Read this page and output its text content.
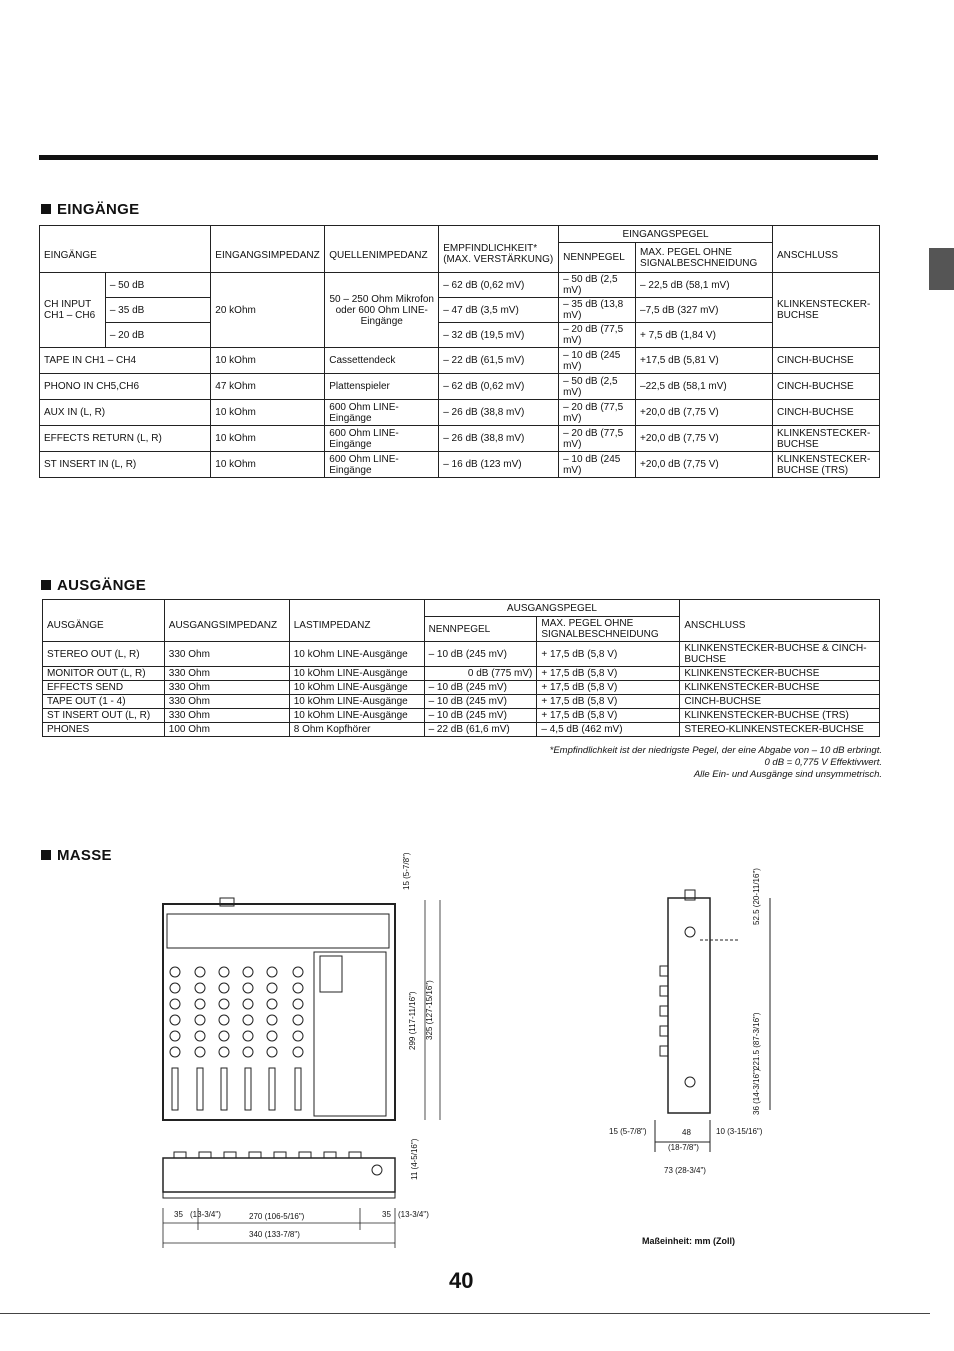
EINGÄNGE
EINGÄNGE		EINGANGSIMPEDANZ	QUELLENIMPEDANZ	EMPFINDLICHKEIT* (MAX. VERSTÄRKUNG)	EINGANGSPEGEL		ANSCHLUSS
					NENNPEGEL	MAX. PEGEL OHNE SIGNALBESCHNEIDUNG	
CH INPUT CH1 – CH6	– 50 dB	20 kOhm	50 – 250 Ohm Mikrofon oder 600 Ohm LINE-Eingänge	– 62 dB (0,62 mV)	– 50 dB (2,5 mV)	– 22,5 dB (58,1 mV)	KLINKENSTECKER-BUCHSE
	– 35 dB			– 47 dB (3,5 mV)	– 35 dB (13,8 mV)	–7,5 dB (327 mV)	
	– 20 dB			– 32 dB (19,5 mV)	– 20 dB (77,5 mV)	+ 7,5 dB (1,84 V)	
TAPE IN CH1 – CH4		10 kOhm	Cassettendeck	– 22 dB (61,5 mV)	– 10 dB (245 mV)	+17,5 dB (5,81 V)	CINCH-BUCHSE
PHONO IN CH5,CH6		47 kOhm	Plattenspieler	– 62 dB (0,62 mV)	– 50 dB (2,5 mV)	–22,5 dB (58,1 mV)	CINCH-BUCHSE
AUX IN (L, R)		10 kOhm	600 Ohm LINE-Eingänge	– 26 dB (38,8 mV)	– 20 dB (77,5 mV)	+20,0 dB (7,75 V)	CINCH-BUCHSE
EFFECTS RETURN (L, R)		10 kOhm	600 Ohm LINE-Eingänge	– 26 dB (38,8 mV)	– 20 dB (77,5 mV)	+20,0 dB (7,75 V)	KLINKENSTECKER-BUCHSE
ST INSERT IN (L, R)		10 kOhm	600 Ohm LINE-Eingänge	– 16 dB (123 mV)	– 10 dB (245 mV)	+20,0 dB (7,75 V)	KLINKENSTECKER-BUCHSE (TRS)
AUSGÄNGE
AUSGÄNGE	AUSGANGSIMPEDANZ	LASTIMPEDANZ	AUSGANGSPEGEL		ANSCHLUSS
			NENNPEGEL	MAX. PEGEL OHNE SIGNALBESCHNEIDUNG	
STEREO OUT (L, R)	330 Ohm	10 kOhm LINE-Ausgänge	– 10 dB (245 mV)	+ 17,5 dB (5,8 V)	KLINKENSTECKER-BUCHSE & CINCH-BUCHSE
MONITOR OUT (L, R)	330 Ohm	10 kOhm LINE-Ausgänge	0 dB (775 mV)	+ 17,5 dB (5,8 V)	KLINKENSTECKER-BUCHSE
EFFECTS SEND	330 Ohm	10 kOhm LINE-Ausgänge	– 10 dB (245 mV)	+ 17,5 dB (5,8 V)	KLINKENSTECKER-BUCHSE
TAPE OUT (1 - 4)	330 Ohm	10 kOhm LINE-Ausgänge	– 10 dB (245 mV)	+ 17,5 dB (5,8 V)	CINCH-BUCHSE
ST INSERT OUT (L, R)	330 Ohm	10 kOhm LINE-Ausgänge	– 10 dB (245 mV)	+ 17,5 dB (5,8 V)	KLINKENSTECKER-BUCHSE (TRS)
PHONES	100 Ohm	8 Ohm Kopfhörer	– 22 dB (61,6 mV)	– 4,5 dB (462 mV)	STEREO-KLINKENSTECKER-BUCHSE
*Empfindlichkeit ist der niedrigste Pegel, der eine Abgabe von – 10 dB erbringt.
0 dB = 0,775 V Effektivwert.
Alle Ein- und Ausgänge sind unsymmetrisch.
MASSE	15 (5-7/8")
299 (117-11/16") 325 (127-15/16")
11 (4-5/16")
35 (13-3/4")	270 (106-5/16")	35 (13-3/4")
340 (133-7/8")
52.5 (20-11/16")
221.5 (87-3/16")
36 (14-3/16")
15 (5-7/8")	48	10 (3-15/16")
(18-7/8")
73 (28-3/4")
Maßeinheit: mm (Zoll)
40
